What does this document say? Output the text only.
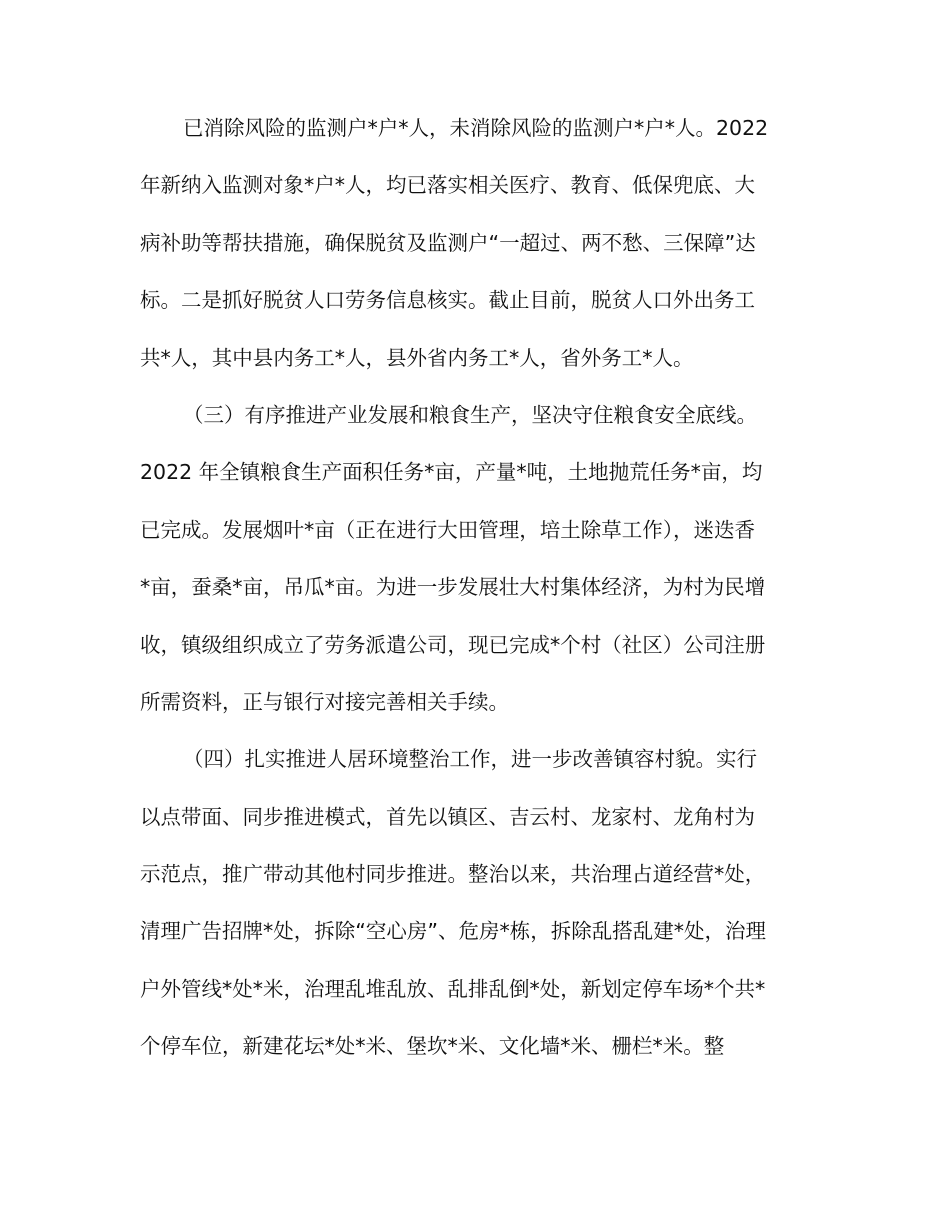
已消除风险的监测户*户*人，未消除风险的监测户*户*人。2022
年新纳入监测对象*户*人，均已落实相关医疗、教育、低保兜底、大
病补助等帮扶措施，确保脱贫及监测户“一超过、两不愁、三保障”达
标。二是抓好脱贫人口劳务信息核实。截止目前，脱贫人口外出务工
共*人，其中县内务工*人，县外省内务工*人，省外务工*人。
（三）有序推进产业发展和粮食生产，坚决守住粮食安全底线。
2022 年全镇粮食生产面积任务*亩，产量*吨，土地抛荒任务*亩，均
已完成。发展烟叶*亩（正在进行大田管理，培土除草工作），迷迭香
*亩，蚕桑*亩，吊瓜*亩。为进一步发展壮大村集体经济，为村为民增
收，镇级组织成立了劳务派遣公司，现已完成*个村（社区）公司注册
所需资料，正与银行对接完善相关手续。
（四）扎实推进人居环境整治工作，进一步改善镇容村貌。实行
以点带面、同步推进模式，首先以镇区、吉云村、龙家村、龙角村为
示范点，推广带动其他村同步推进。整治以来，共治理占道经营*处，
清理广告招牌*处，拆除“空心房”、危房*栋，拆除乱搭乱建*处，治理
户外管线*处*米，治理乱堆乱放、乱排乱倒*处，新划定停车场*个共*
个停车位，新建花坛*处*米、堡坎*米、文化墙*米、栅栏*米。整
